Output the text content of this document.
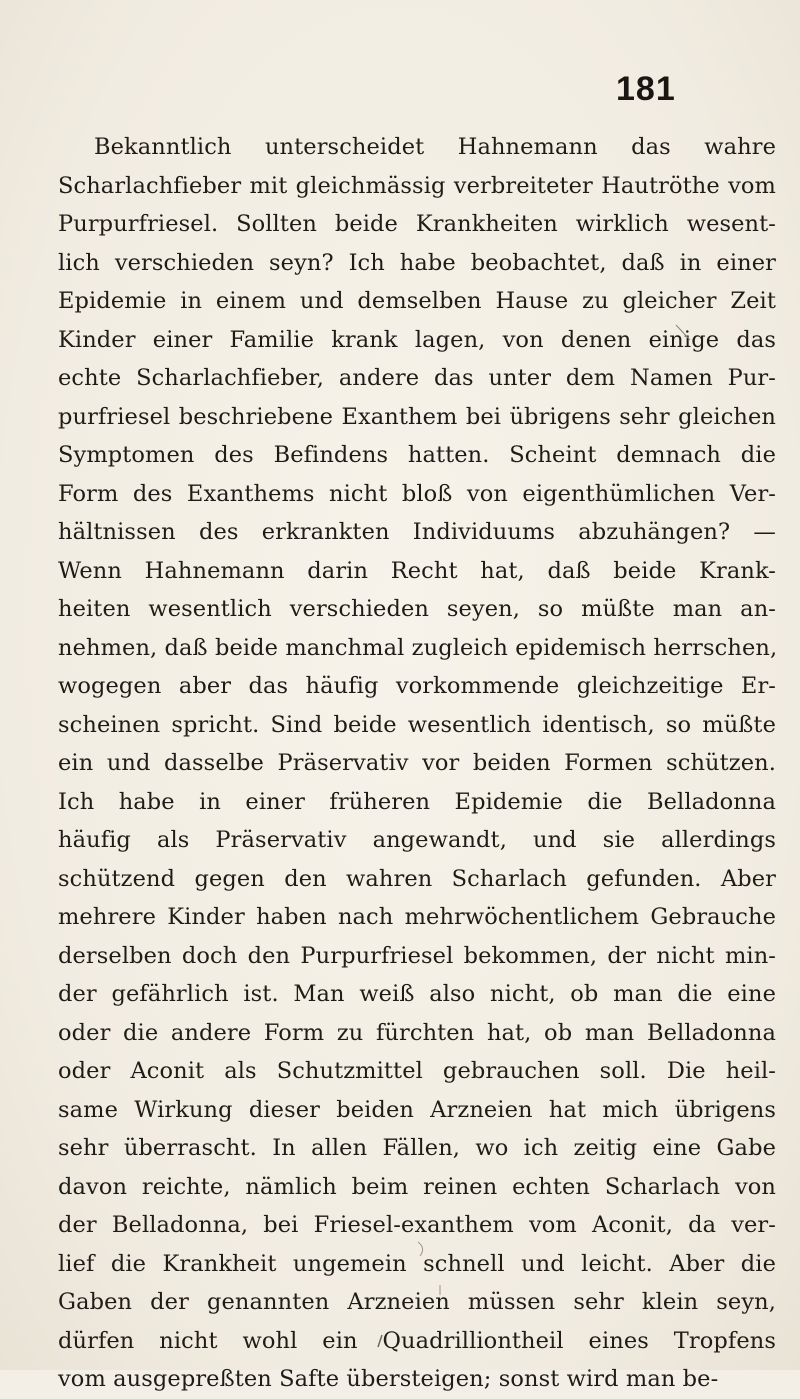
181
Bekanntlich unterscheidet Hahnemann das wahre
Scharlachfieber mit gleichmässig verbreiteter Hautröthe vom
Purpurfriesel. Sollten beide Krankheiten wirklich wesent-
lich verschieden seyn? Ich habe beobachtet, daß in einer
Epidemie in einem und demselben Hause zu gleicher Zeit
Kinder einer Familie krank lagen, von denen einige das
echte Scharlachfieber, andere das unter dem Namen Pur-
purfriesel beschriebene Exanthem bei übrigens sehr gleichen
Symptomen des Befindens hatten. Scheint demnach die
Form des Exanthems nicht bloß von eigenthümlichen Ver-
hältnissen des erkrankten Individuums abzuhängen? —
Wenn Hahnemann darin Recht hat, daß beide Krank-
heiten wesentlich verschieden seyen, so müßte man an-
nehmen, daß beide manchmal zugleich epidemisch herrschen,
wogegen aber das häufig vorkommende gleichzeitige Er-
scheinen spricht. Sind beide wesentlich identisch, so müßte
ein und dasselbe Präservativ vor beiden Formen schützen.
Ich habe in einer früheren Epidemie die Belladonna
häufig als Präservativ angewandt, und sie allerdings
schützend gegen den wahren Scharlach gefunden. Aber
mehrere Kinder haben nach mehrwöchentlichem Gebrauche
derselben doch den Purpurfriesel bekommen, der nicht min-
der gefährlich ist. Man weiß also nicht, ob man die eine
oder die andere Form zu fürchten hat, ob man Belladonna
oder Aconit als Schutzmittel gebrauchen soll. Die heil-
same Wirkung dieser beiden Arzneien hat mich übrigens
sehr überrascht. In allen Fällen, wo ich zeitig eine Gabe
davon reichte, nämlich beim reinen echten Scharlach von
der Belladonna, bei Friesel-exanthem vom Aconit, da ver-
lief die Krankheit ungemein schnell und leicht. Aber die
Gaben der genannten Arzneien müssen sehr klein seyn,
dürfen nicht wohl ein Quadrilliontheil eines Tropfens
vom ausgepreßten Safte übersteigen; sonst wird man be-
